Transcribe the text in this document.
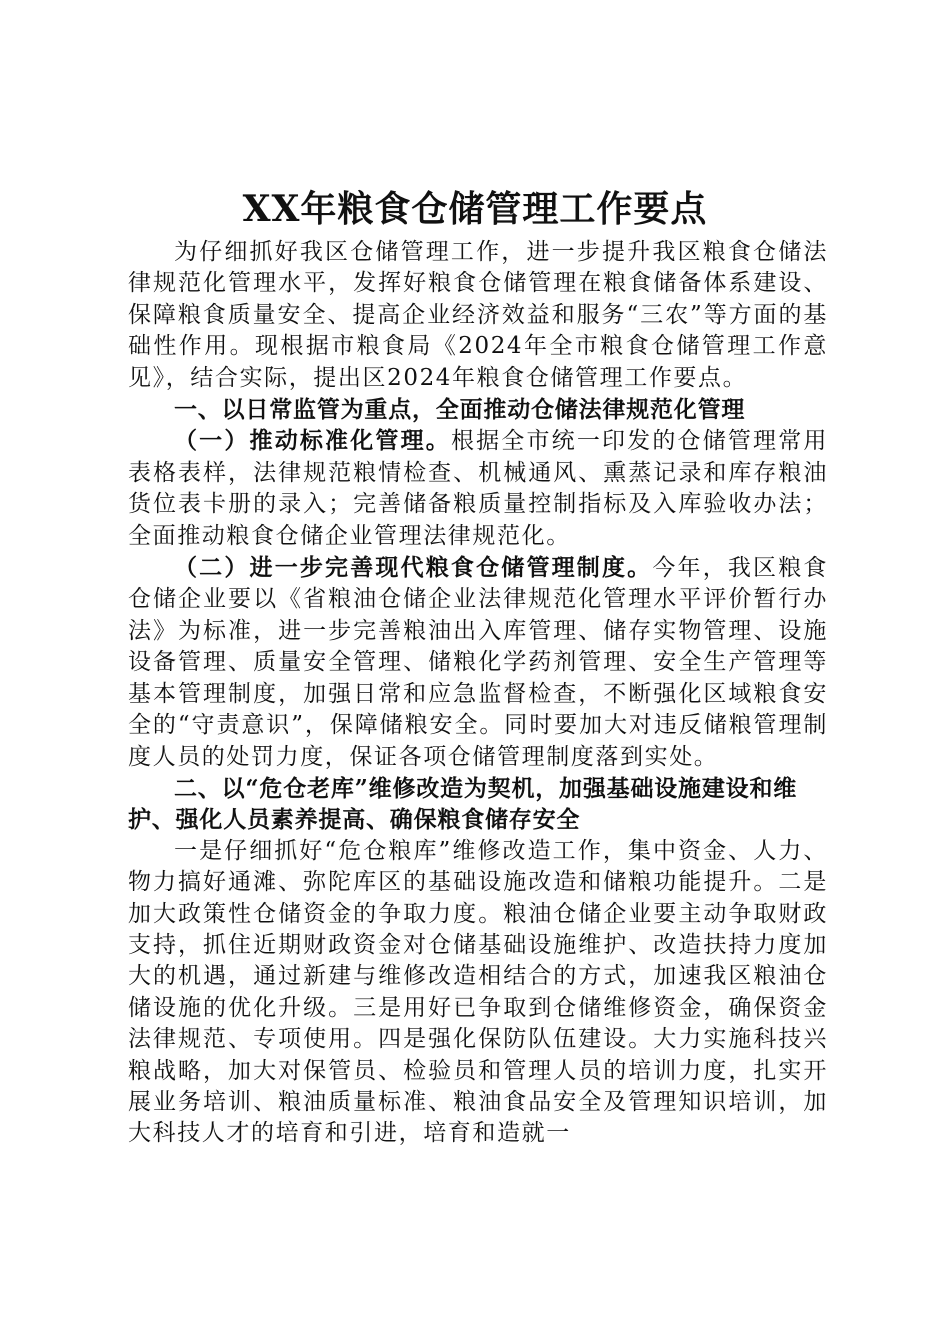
XX年粮食仓储管理工作要点

为仔细抓好我区仓储管理工作，进一步提升我区粮食仓储法律规范化管理水平，发挥好粮食仓储管理在粮食储备体系建设、保障粮食质量安全、提高企业经济效益和服务“三农”等方面的基础性作用。现根据市粮食局《2024年全市粮食仓储管理工作意见》，结合实际，提出区2024年粮食仓储管理工作要点。

一、以日常监管为重点，全面推动仓储法律规范化管理

（一）推动标准化管理。根据全市统一印发的仓储管理常用表格表样，法律规范粮情检查、机械通风、熏蒸记录和库存粮油货位表卡册的录入；完善储备粮质量控制指标及入库验收办法；全面推动粮食仓储企业管理法律规范化。

（二）进一步完善现代粮食仓储管理制度。今年，我区粮食仓储企业要以《省粮油仓储企业法律规范化管理水平评价暂行办法》为标准，进一步完善粮油出入库管理、储存实物管理、设施设备管理、质量安全管理、储粮化学药剂管理、安全生产管理等基本管理制度，加强日常和应急监督检查，不断强化区域粮食安全的“守责意识”，保障储粮安全。同时要加大对违反储粮管理制度人员的处罚力度，保证各项仓储管理制度落到实处。

二、以“危仓老库”维修改造为契机，加强基础设施建设和维护、强化人员素养提高、确保粮食储存安全

一是仔细抓好“危仓粮库”维修改造工作，集中资金、人力、物力搞好通滩、弥陀库区的基础设施改造和储粮功能提升。二是加大政策性仓储资金的争取力度。粮油仓储企业要主动争取财政支持，抓住近期财政资金对仓储基础设施维护、改造扶持力度加大的机遇，通过新建与维修改造相结合的方式，加速我区粮油仓储设施的优化升级。三是用好已争取到仓储维修资金，确保资金法律规范、专项使用。四是强化保防队伍建设。大力实施科技兴粮战略，加大对保管员、检验员和管理人员的培训力度，扎实开展业务培训、粮油质量标准、粮油食品安全及管理知识培训，加大科技人才的培育和引进，培育和造就一
